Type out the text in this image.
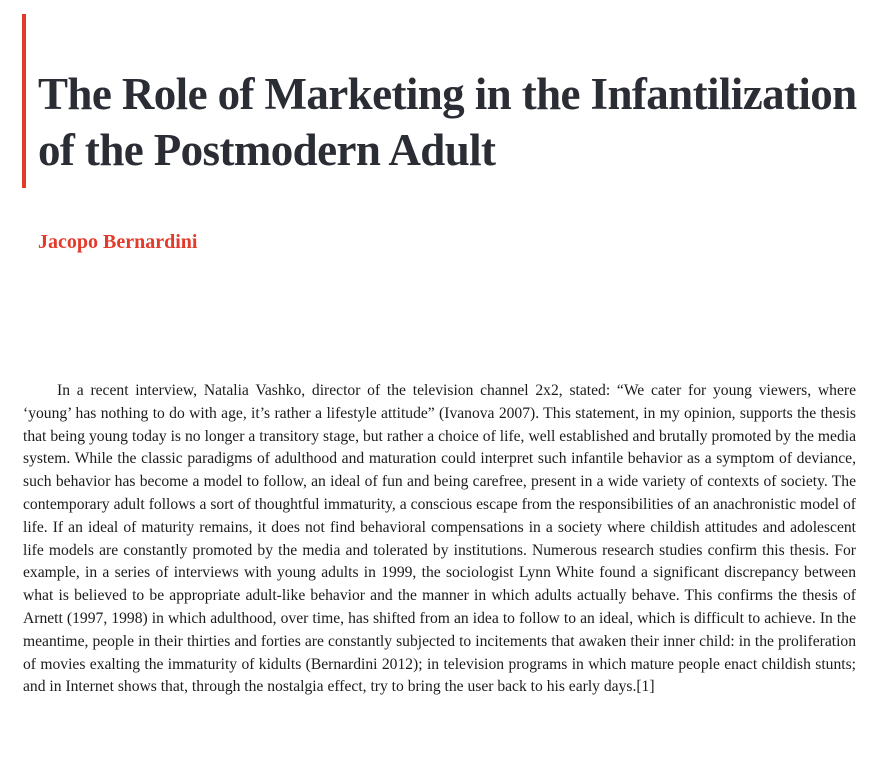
The Role of Marketing in the Infantilization of the Postmodern Adult

Jacopo Bernardini

In a recent interview, Natalia Vashko, director of the television channel 2x2, stated: “We cater for young viewers, where ‘young’ has nothing to do with age, it’s rather a lifestyle attitude” (Ivanova 2007). This statement, in my opinion, supports the thesis that being young today is no longer a transitory stage, but rather a choice of life, well established and brutally promoted by the media system. While the classic paradigms of adulthood and maturation could interpret such infantile behavior as a symptom of deviance, such behavior has become a model to follow, an ideal of fun and being carefree, present in a wide variety of contexts of society. The contemporary adult follows a sort of thoughtful immaturity, a conscious escape from the responsibilities of an anachronistic model of life. If an ideal of maturity remains, it does not find behavioral compensations in a society where childish attitudes and adolescent life models are constantly promoted by the media and tolerated by institutions. Numerous research studies confirm this thesis. For example, in a series of interviews with young adults in 1999, the sociologist Lynn White found a significant discrepancy between what is believed to be appropriate adult-like behavior and the manner in which adults actually behave. This confirms the thesis of Arnett (1997, 1998) in which adulthood, over time, has shifted from an idea to follow to an ideal, which is difficult to achieve. In the meantime, people in their thirties and forties are constantly subjected to incitements that awaken their inner child: in the proliferation of movies exalting the immaturity of kidults (Bernardini 2012); in television programs in which mature people enact childish stunts; and in Internet shows that, through the nostalgia effect, try to bring the user back to his early days.[1]
